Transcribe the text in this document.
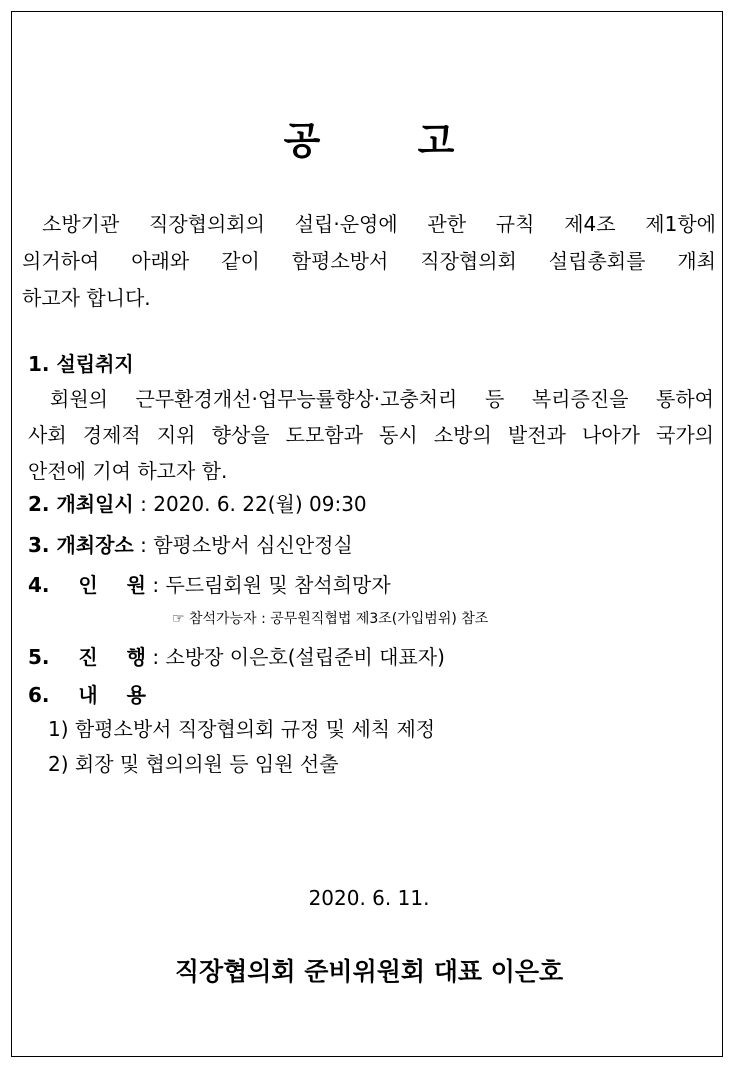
공 고
소방기관 직장협의회의 설립·운영에 관한 규칙 제4조 제1항에
의거하여 아래와 같이 함평소방서 직장협의회 설립총회를 개최
하고자 합니다.
1. 설립취지
회원의 근무환경개선·업무능률향상·고충처리 등 복리증진을 통하여
사회 경제적 지위 향상을 도모함과 동시 소방의 발전과 나아가 국가의
안전에 기여 하고자 함.
2. 개최일시 : 2020. 6. 22(월) 09:30
3. 개최장소 : 함평소방서 심신안정실
4. 인 원 : 두드림회원 및 참석희망자
☞ 참석가능자 : 공무원직협법 제3조(가입범위) 참조
5. 진 행 : 소방장 이은호(설립준비 대표자)
6. 내 용
1) 함평소방서 직장협의회 규정 및 세칙 제정
2) 회장 및 협의의원 등 임원 선출
2020. 6. 11.
직장협의회 준비위원회 대표 이은호
